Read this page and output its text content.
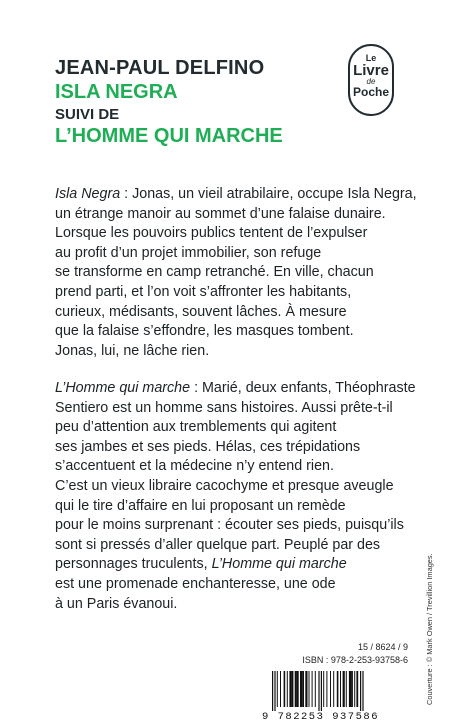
JEAN-PAUL DELFINO
ISLA NEGRA
SUIVI DE
L’HOMME QUI MARCHE
Le
Livre
de
Poche
Isla Negra : Jonas, un vieil atrabilaire, occupe Isla Negra,
un étrange manoir au sommet d’une falaise dunaire.
Lorsque les pouvoirs publics tentent de l’expulser
au profit d’un projet immobilier, son refuge
se transforme en camp retranché. En ville, chacun
prend parti, et l’on voit s’affronter les habitants,
curieux, médisants, souvent lâches. À mesure
que la falaise s’effondre, les masques tombent.
Jonas, lui, ne lâche rien.
L’Homme qui marche : Marié, deux enfants, Théophraste
Sentiero est un homme sans histoires. Aussi prête-t-il
peu d’attention aux tremblements qui agitent
ses jambes et ses pieds. Hélas, ces trépidations
s’accentuent et la médecine n’y entend rien.
C’est un vieux libraire cacochyme et presque aveugle
qui le tire d’affaire en lui proposant un remède
pour le moins surprenant : écouter ses pieds, puisqu’ils
sont si pressés d’aller quelque part. Peuplé par des
personnages truculents, L’Homme qui marche
est une promenade enchanteresse, une ode
à un Paris évanoui.	Couverture : © Mark Owen / Trevillion Images.
15 / 8624 / 9
ISBN : 978-2-253-93758-6
9 782253 937586
